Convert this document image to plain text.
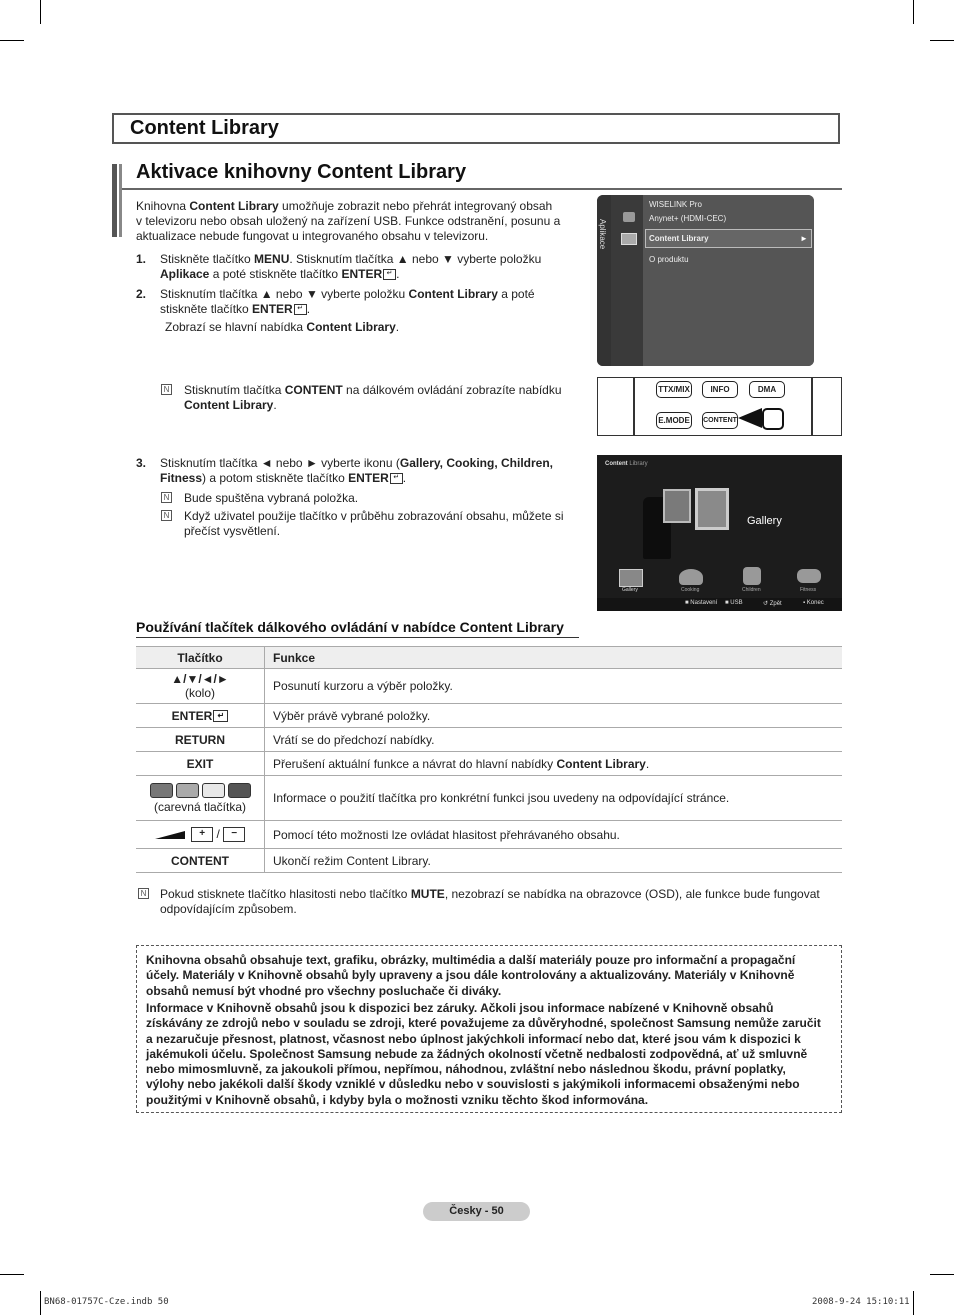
Content Library
Aktivace knihovny Content Library
Knihovna Content Library umožňuje zobrazit nebo přehrát integrovaný obsah
v televizoru nebo obsah uložený na zařízení USB. Funkce odstranění, posunu a
aktualizace nebude fungovat u integrovaného obsahu v televizoru.
1. Stiskněte tlačítko MENU. Stisknutím tlačítka ▲ nebo ▼ vyberte položku
Aplikace a poté stiskněte tlačítko ENTER ↵ .
2. Stisknutím tlačítka ▲ nebo ▼ vyberte položku Content Library a poté
stiskněte tlačítko ENTER ↵ .
Zobrazí se hlavní nabídka Content Library.
N Stisknutím tlačítka CONTENT na dálkovém ovládání zobrazíte nabídku
Content Library.
3. Stisknutím tlačítka ◄ nebo ► vyberte ikonu (Gallery, Cooking, Children,
Fitness) a potom stiskněte tlačítko ENTER ↵ .
N Bude spuštěna vybraná položka.
N Když uživatel použije tlačítko v průběhu zobrazování obsahu, můžete si
přečíst vysvětlení.
Aplikace
WISELINK Pro
Anynet+ (HDMI-CEC)
Content Library	►
O produktu
TTX/MIX	INFO	DMA
E.MODE	CONTENT
Content Library
Gallery
Gallery	Cooking	Children	Fitness
■ Nastavení ■ USB	↺ Zpět	▪ Konec
Používání tlačítek dálkového ovládání v nabídce Content Library
Tlačítko	Funkce

▲/▼/◄/►
(kolo)	Posunutí kurzoru a výběr položky.
ENTER ↵	Výběr právě vybrané položky.
RETURN	Vrátí se do předchozí nabídky.
EXIT	Přerušení aktuální funkce a návrat do hlavní nabídky Content Library.

(carevná tlačítka)	Informace o použití tlačítka pro konkrétní funkci jsou uvedeny na odpovídající stránce.
+ / −	Pomocí této možnosti lze ovládat hlasitost přehrávaného obsahu.
CONTENT	Ukončí režim Content Library.
N Pokud stisknete tlačítko hlasitosti nebo tlačítko MUTE, nezobrazí se nabídka na obrazovce (OSD), ale funkce bude fungovat
odpovídajícím způsobem.
Knihovna obsahů obsahuje text, grafiku, obrázky, multimédia a další materiály pouze pro informační a propagační
účely. Materiály v Knihovně obsahů byly upraveny a jsou dále kontrolovány a aktualizovány. Materiály v Knihovně
obsahů nemusí být vhodné pro všechny posluchače či diváky.
Informace v Knihovně obsahů jsou k dispozici bez záruky. Ačkoli jsou informace nabízené v Knihovně obsahů
získávány ze zdrojů nebo v souladu se zdroji, které považujeme za důvěryhodné, společnost Samsung nemůže zaručit
a nezaručuje přesnost, platnost, včasnost nebo úplnost jakýchkoli informací nebo dat, které jsou vám k dispozici k
jakémukoli účelu. Společnost Samsung nebude za žádných okolností včetně nedbalosti zodpovědná, ať už smluvně
nebo mimosmluvně, za jakoukoli přímou, nepřímou, náhodnou, zvláštní nebo následnou škodu, právní poplatky,
výlohy nebo jakékoli další škody vzniklé v důsledku nebo v souvislosti s jakýmikoli informacemi obsaženými nebo
použitými v Knihovně obsahů, i kdyby byla o možnosti vzniku těchto škod informována.
Česky - 50
BN68-01757C-Cze.indb 50	2008-9-24 15:10:11
